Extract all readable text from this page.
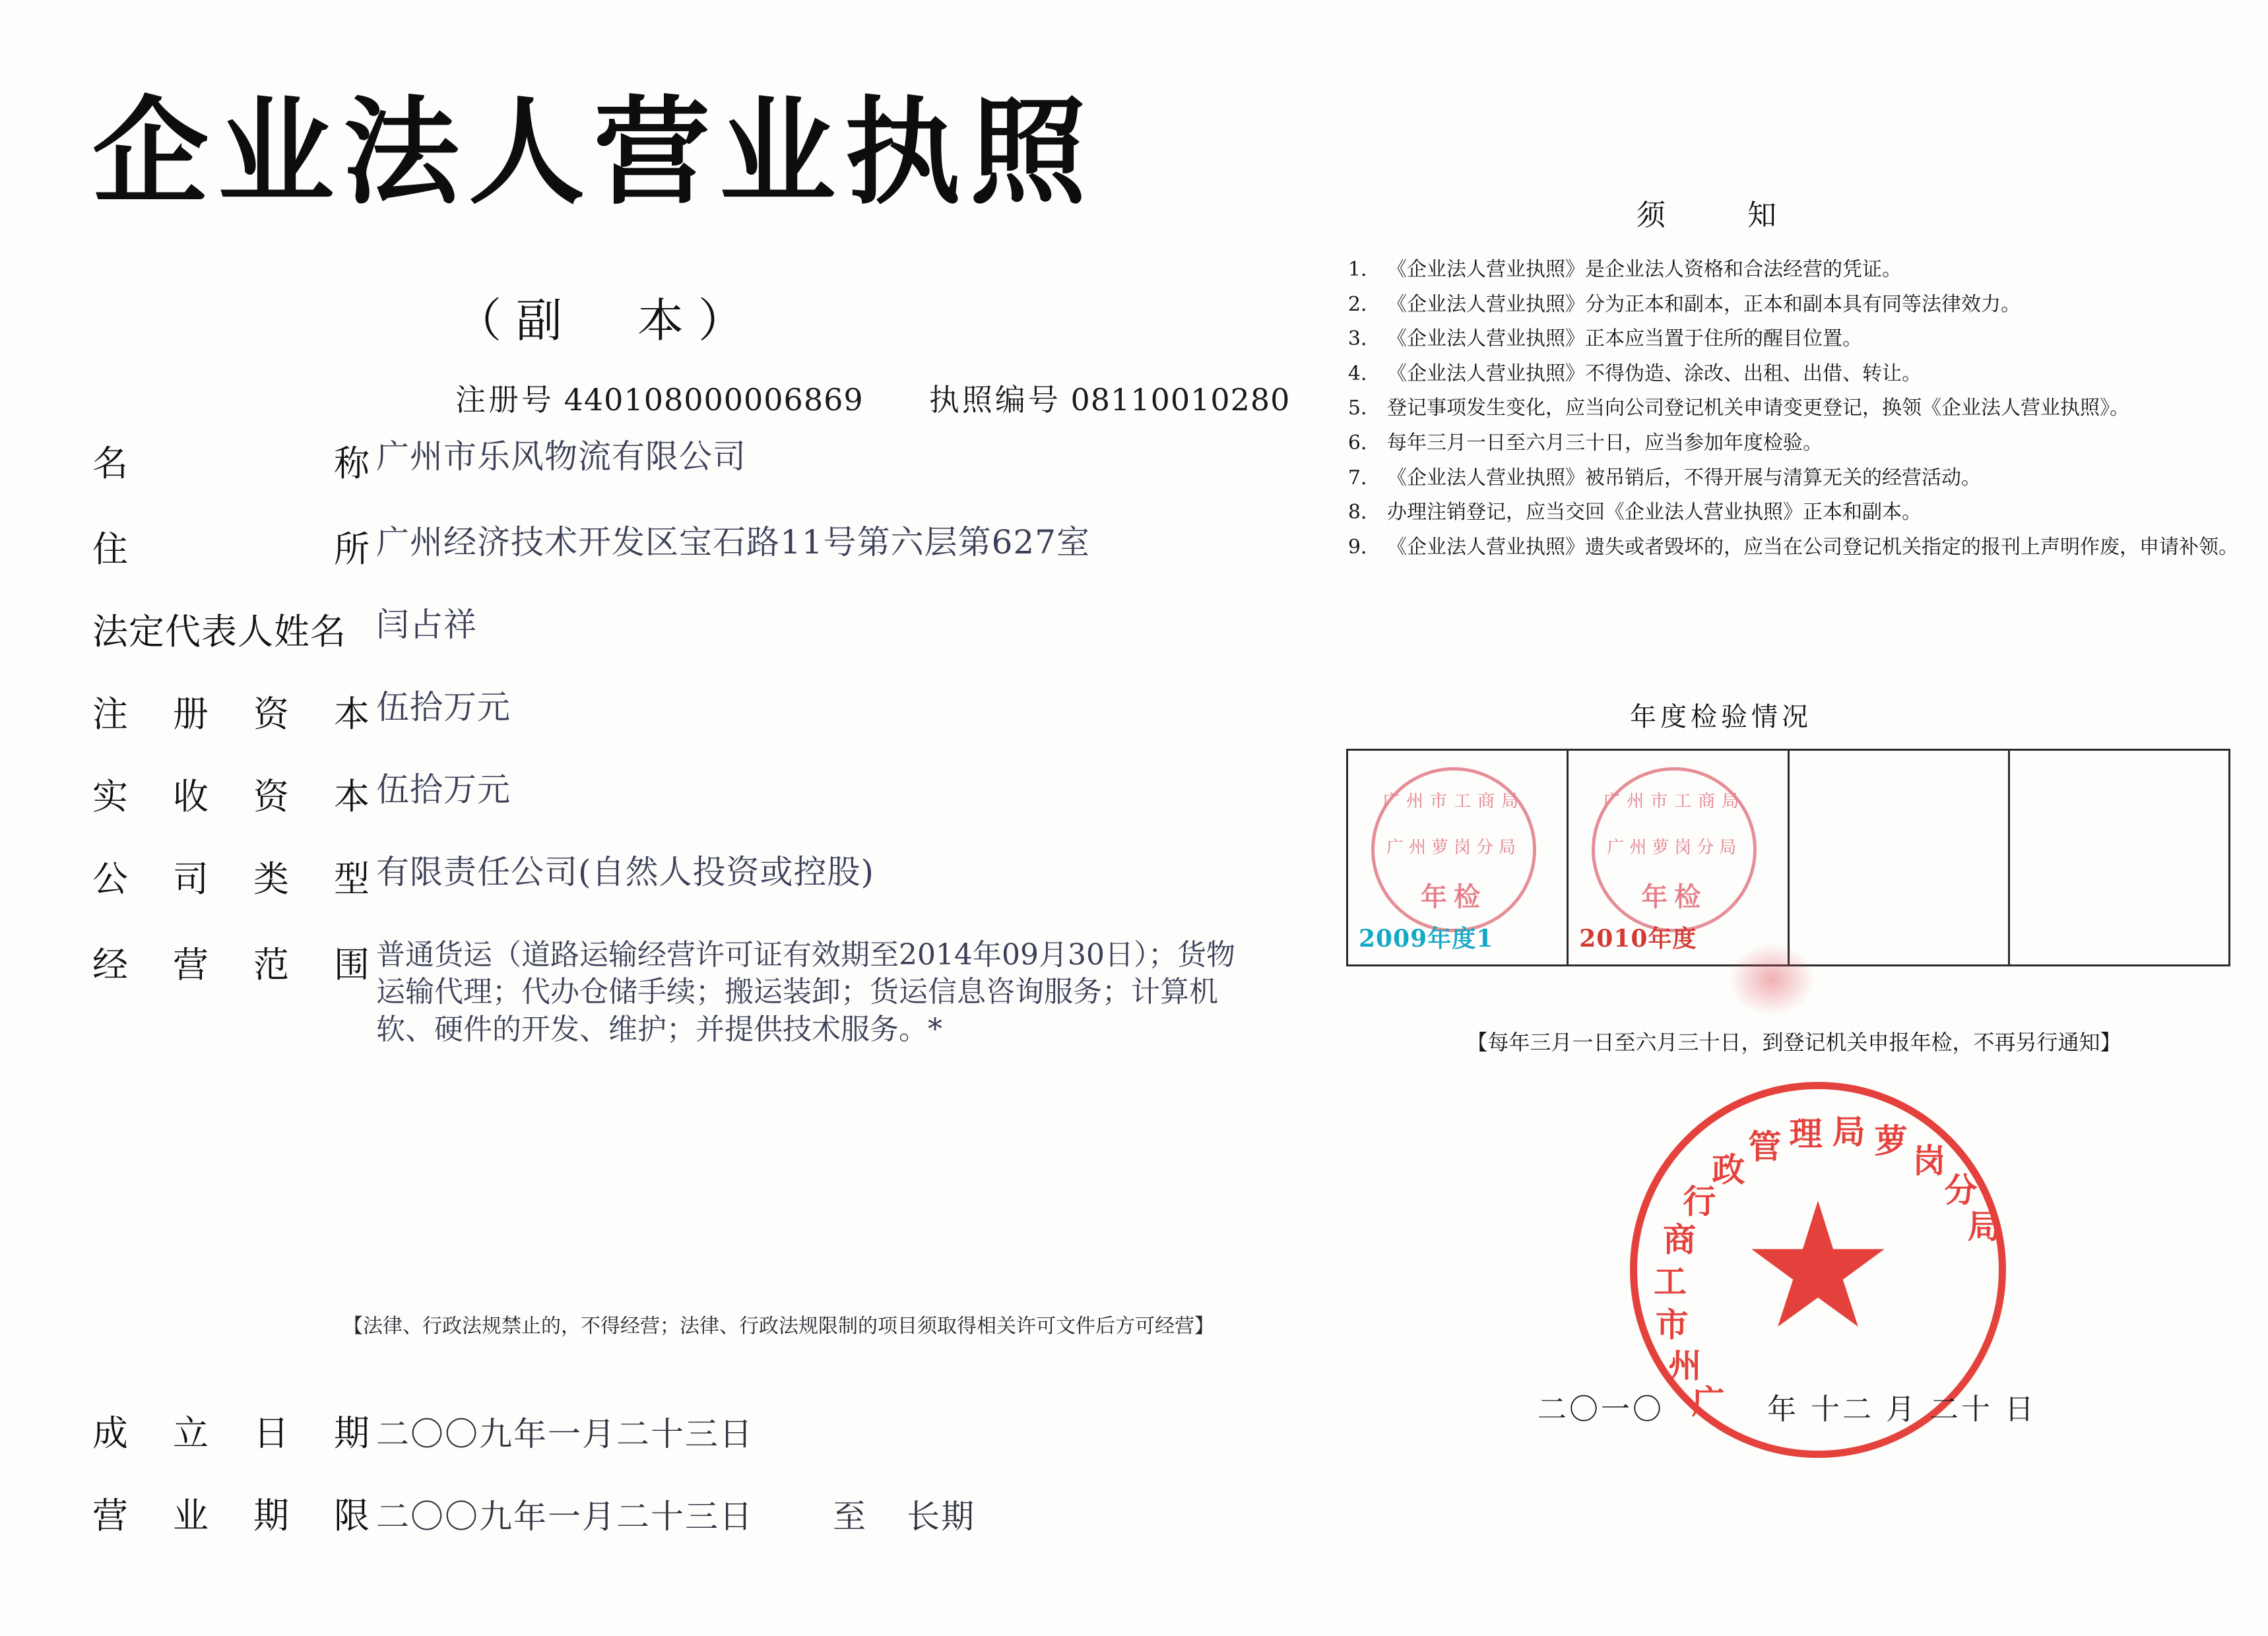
企业法人营业执照
（副　本）
注册号 440108000006869 执照编号 08110010280
名	称 广州市乐风物流有限公司
住	所 广州经济技术开发区宝石路11号第六层第627室
法定代表人姓名 闫占祥
注 册 资 本 伍拾万元
实 收 资 本 伍拾万元
公 司 类 型 有限责任公司(自然人投资或控股)
经 营 范 围 普通货运（道路运输经营许可证有效期至2014年09月30日）；货物运输代理；代办仓储手续；搬运装卸；货运信息咨询服务；计算机软、硬件的开发、维护；并提供技术服务。*
【法律、行政法规禁止的，不得经营；法律、行政法规限制的项目须取得相关许可文件后方可经营】
成 立 日 期 二〇〇九年一月二十三日
营 业 期 限 二〇〇九年一月二十三日 至 长期
须　知
1． 《企业法人营业执照》是企业法人资格和合法经营的凭证。
2． 《企业法人营业执照》分为正本和副本，正本和副本具有同等法律效力。
3． 《企业法人营业执照》正本应当置于住所的醒目位置。
4． 《企业法人营业执照》不得伪造、涂改、出租、出借、转让。
5． 登记事项发生变化，应当向公司登记机关申请变更登记，换领《企业法人营业执照》。
6． 每年三月一日至六月三十日，应当参加年度检验。
7． 《企业法人营业执照》被吊销后，不得开展与清算无关的经营活动。
8． 办理注销登记，应当交回《企业法人营业执照》正本和副本。
9． 《企业法人营业执照》遗失或者毁坏的，应当在公司登记机关指定的报刊上声明作废，申请补领。
年度检验情况
广州市工商局
广州萝岗分局
年检
2009年度1
广州市工商局
广州萝岗分局
年检
2010年度
【每年三月一日至六月三十日，到登记机关申报年检，不再另行通知】
广
州
市
工
商
行
政
管 理 局 萝
岗
分
局
二〇一〇	年 十二 月 二十 日
